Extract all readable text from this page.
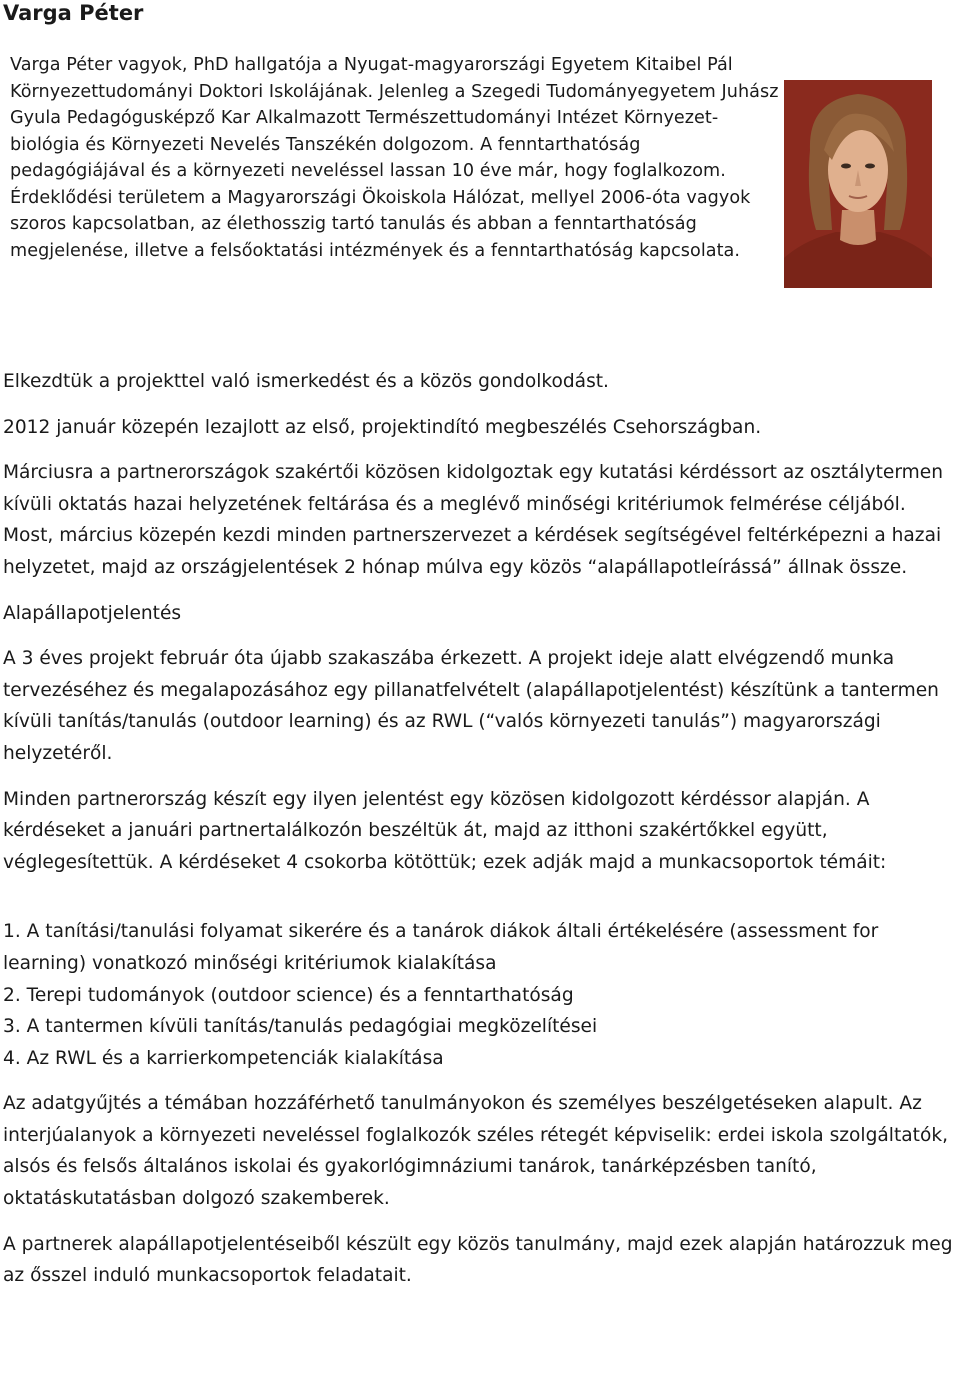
Varga Péter

Varga Péter vagyok, PhD hallgatója a Nyugat-magyarországi Egyetem Kitaibel Pál Környezettudományi Doktori Iskolájának. Jelenleg a Szegedi Tudományegyetem Juhász Gyula Pedagógusképző Kar Alkalmazott Természettudományi Intézet Környezet-biológia és Környezeti Nevelés Tanszékén dolgozom. A fenntarthatóság pedagógiájával és a környezeti neveléssel lassan 10 éve már, hogy foglalkozom. Érdeklődési területem a Magyarországi Ökoiskola Hálózat, mellyel 2006-óta vagyok szoros kapcsolatban, az élethosszig tartó tanulás és abban a fenntarthatóság megjelenése, illetve a felsőoktatási intézmények és a fenntarthatóság kapcsolata.

Elkezdtük a projekttel való ismerkedést és a közös gondolkodást.

2012 január közepén lezajlott az első, projektindító megbeszélés Csehországban.

Márciusra a partnerországok szakértői közösen kidolgoztak egy kutatási kérdéssort az osztálytermen kívüli oktatás hazai helyzetének feltárása és a meglévő minőségi kritériumok felmérése céljából. Most, március közepén kezdi minden partnerszervezet a kérdések segítségével feltérképezni a hazai helyzetet, majd az országjelentések 2 hónap múlva egy közös “alapállapotleírássá” állnak össze.

Alapállapotjelentés

A 3 éves projekt február óta újabb szakaszába érkezett. A projekt ideje alatt elvégzendő munka tervezéséhez és megalapozásához egy pillanatfelvételt (alapállapotjelentést) készítünk a tantermen kívüli tanítás/tanulás (outdoor learning) és az RWL (“valós környezeti tanulás”) magyarországi helyzetéről.

Minden partnerország készít egy ilyen jelentést egy közösen kidolgozott kérdéssor alapján. A kérdéseket a januári partnertalálkozón beszéltük át, majd az itthoni szakértőkkel együtt, véglegesítettük. A kérdéseket 4 csokorba kötöttük; ezek adják majd a munkacsoportok témáit:

1. A tanítási/tanulási folyamat sikerére és a tanárok diákok általi értékelésére (assessment for learning) vonatkozó minőségi kritériumok kialakítása
2. Terepi tudományok (outdoor science) és a fenntarthatóság
3. A tantermen kívüli tanítás/tanulás pedagógiai megközelítései
4. Az RWL és a karrierkompetenciák kialakítása

Az adatgyűjtés a témában hozzáférhető tanulmányokon és személyes beszélgetéseken alapult. Az interjúalanyok a környezeti neveléssel foglalkozók széles rétegét képviselik: erdei iskola szolgáltatók, alsós és felsős általános iskolai és gyakorlógimnáziumi tanárok, tanárképzésben tanító, oktatáskutatásban dolgozó szakemberek.

A partnerek alapállapotjelentéseiből készült egy közös tanulmány, majd ezek alapján határozzuk meg az ősszel induló munkacsoportok feladatait.
